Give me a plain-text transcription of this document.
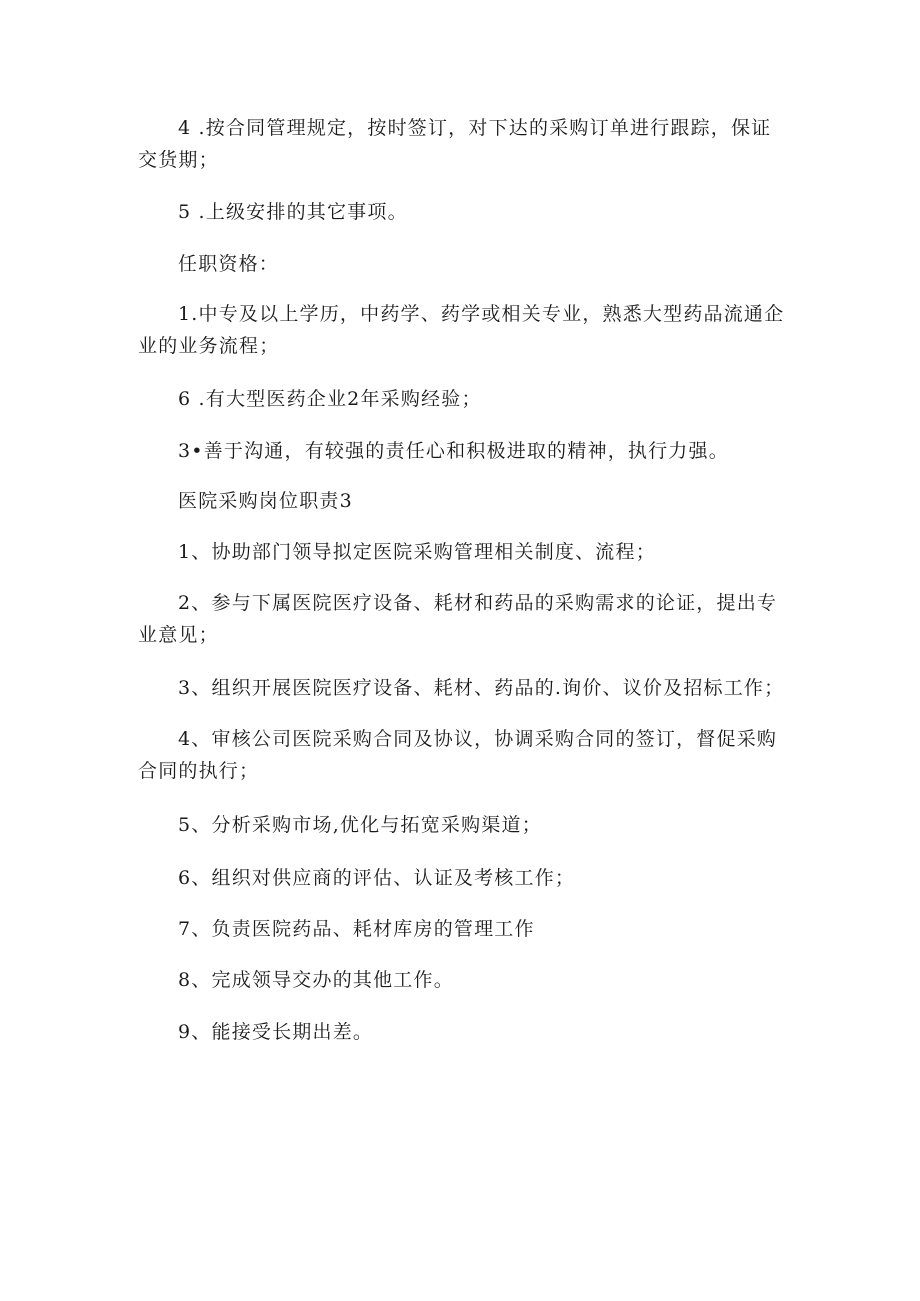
4 .按合同管理规定，按时签订，对下达的采购订单进行跟踪，保证交货期；

5 .上级安排的其它事项。

任职资格：

1.中专及以上学历，中药学、药学或相关专业，熟悉大型药品流通企业的业务流程；

6 .有大型医药企业2年采购经验；

3•善于沟通，有较强的责任心和积极进取的精神，执行力强。

医院采购岗位职责3

1、协助部门领导拟定医院采购管理相关制度、流程；

2、参与下属医院医疗设备、耗材和药品的采购需求的论证，提出专业意见；

3、组织开展医院医疗设备、耗材、药品的.询价、议价及招标工作；

4、审核公司医院采购合同及协议，协调采购合同的签订，督促采购合同的执行；

5、分析采购市场,优化与拓宽采购渠道；

6、组织对供应商的评估、认证及考核工作；

7、负责医院药品、耗材库房的管理工作

8、完成领导交办的其他工作。

9、能接受长期出差。
